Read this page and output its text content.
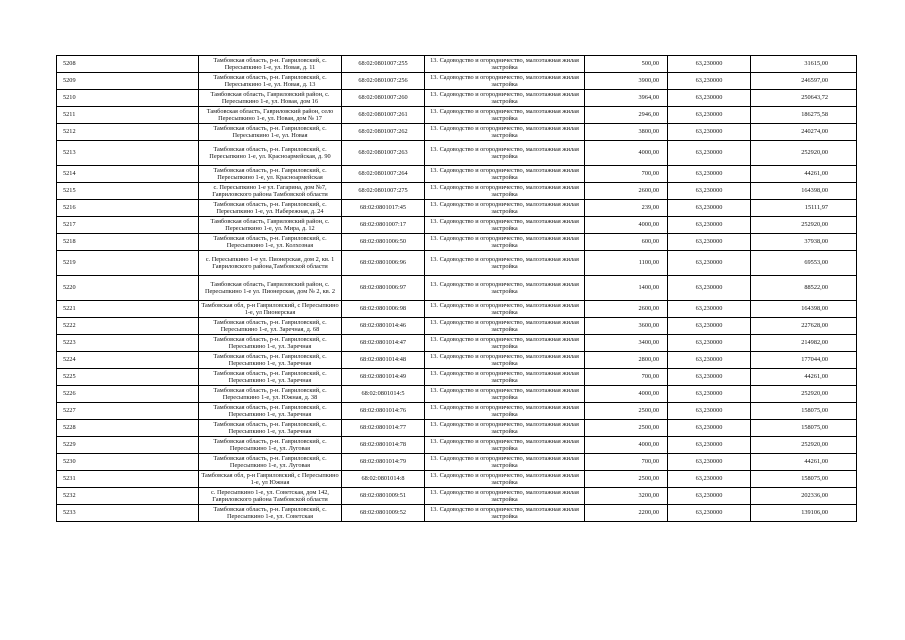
5208	Тамбовская область, р-н. Гавриловский, с. Пересыпкино 1-е, ул. Новая, д. 11	68:02:0801007:255	13. Садоводство и огородничество, малоэтажная жилая застройка	500,00	63,230000	31615,00
5209	Тамбовская область, р-н. Гавриловский, с. Пересыпкино 1-е, ул. Новая, д. 13	68:02:0801007:256	13. Садоводство и огородничество, малоэтажная жилая застройка	3900,00	63,230000	246597,00
5210	Тамбовская область, Гавриловский район, с. Пересыпкино 1-е, ул. Новая, дом 16	68:02:0801007:260	13. Садоводство и огородничество, малоэтажная жилая застройка	3964,00	63,230000	250643,72
5211	Тамбовская область, Гавриловский район, село Пересыпкино 1-е, ул. Новая, дом № 17	68:02:0801007:261	13. Садоводство и огородничество, малоэтажная жилая застройка	2946,00	63,230000	186275,58
5212	Тамбовская область, р-н. Гавриловский, с. Пересыпкино 1-е, ул. Новая	68:02:0801007:262	13. Садоводство и огородничество, малоэтажная жилая застройка	3800,00	63,230000	240274,00
5213	Тамбовская область, р-н. Гавриловский, с. Пересыпкино 1-е, ул. Красноармейская, д. 90	68:02:0801007:263	13. Садоводство и огородничество, малоэтажная жилая застройка	4000,00	63,230000	252920,00
5214	Тамбовская область, р-н. Гавриловский, с. Пересыпкино 1-е, ул. Красноармейская	68:02:0801007:264	13. Садоводство и огородничество, малоэтажная жилая застройка	700,00	63,230000	44261,00
5215	с. Пересыпкино 1-е ул. Гагарина, дом №7, Гавриловского района Тамбовской области	68:02:0801007:275	13. Садоводство и огородничество, малоэтажная жилая застройка	2600,00	63,230000	164398,00
5216	Тамбовская область, р-н. Гавриловский, с. Пересыпкино 1-е, ул. Набережная, д. 24	68:02:0801017:45	13. Садоводство и огородничество, малоэтажная жилая застройка	239,00	63,230000	15111,97
5217	Тамбовская область, Гавриловский район, с. Пересыпкино 1-е, ул. Мира, д. 12	68:02:0801007:17	13. Садоводство и огородничество, малоэтажная жилая застройка	4000,00	63,230000	252920,00
5218	Тамбовская область, р-н. Гавриловский, с. Пересыпкино 1-е, ул. Колхозная	68:02:0801006:50	13. Садоводство и огородничество, малоэтажная жилая застройка	600,00	63,230000	37938,00
5219	с. Пересыпкино 1-е ул. Пионерская, дом 2, кв. 1 Гавриловского района,Тамбовской области	68:02:0801006:96	13. Садоводство и огородничество, малоэтажная жилая застройка	1100,00	63,230000	69553,00
5220	Тамбовская область, Гавриловский район, с. Пересыпкино 1-е ул. Пионерская, дом № 2, кв. 2	68:02:0801006:97	13. Садоводство и огородничество, малоэтажная жилая застройка	1400,00	63,230000	88522,00
5221	Тамбовская обл, р-н Гавриловский, с Пересыпкино 1-е, ул Пионерская	68:02:0801006:98	13. Садоводство и огородничество, малоэтажная жилая застройка	2600,00	63,230000	164398,00
5222	Тамбовская область, р-н. Гавриловский, с. Пересыпкино 1-е, ул. Заречная, д. 68	68:02:0801014:46	13. Садоводство и огородничество, малоэтажная жилая застройка	3600,00	63,230000	227628,00
5223	Тамбовская область, р-н. Гавриловский, с. Пересыпкино 1-е, ул. Заречная	68:02:0801014:47	13. Садоводство и огородничество, малоэтажная жилая застройка	3400,00	63,230000	214982,00
5224	Тамбовская область, р-н. Гавриловский, с. Пересыпкино 1-е, ул. Заречная	68:02:0801014:48	13. Садоводство и огородничество, малоэтажная жилая застройка	2800,00	63,230000	177044,00
5225	Тамбовская область, р-н. Гавриловский, с. Пересыпкино 1-е, ул. Заречная	68:02:0801014:49	13. Садоводство и огородничество, малоэтажная жилая застройка	700,00	63,230000	44261,00
5226	Тамбовская область, р-н. Гавриловский, с. Пересыпкино 1-е, ул. Южная, д. 38	68:02:0801014:5	13. Садоводство и огородничество, малоэтажная жилая застройка	4000,00	63,230000	252920,00
5227	Тамбовская область, р-н. Гавриловский, с. Пересыпкино 1-е, ул. Заречная	68:02:0801014:76	13. Садоводство и огородничество, малоэтажная жилая застройка	2500,00	63,230000	158075,00
5228	Тамбовская область, р-н. Гавриловский, с. Пересыпкино 1-е, ул. Заречная	68:02:0801014:77	13. Садоводство и огородничество, малоэтажная жилая застройка	2500,00	63,230000	158075,00
5229	Тамбовская область, р-н. Гавриловский, с. Пересыпкино 1-е, ул. Луговая	68:02:0801014:78	13. Садоводство и огородничество, малоэтажная жилая застройка	4000,00	63,230000	252920,00
5230	Тамбовская область, р-н. Гавриловский, с. Пересыпкино 1-е, ул. Луговая	68:02:0801014:79	13. Садоводство и огородничество, малоэтажная жилая застройка	700,00	63,230000	44261,00
5231	Тамбовская обл, р-н Гавриловский, с Пересыпкино 1-е, ул Южная	68:02:0801014:8	13. Садоводство и огородничество, малоэтажная жилая застройка	2500,00	63,230000	158075,00
5232	с. Пересыпкино 1-е, ул. Советская, дом 142, Гавриловского района Тамбовской области	68:02:0801009:51	13. Садоводство и огородничество, малоэтажная жилая застройка	3200,00	63,230000	202336,00
5233	Тамбовская область, р-н. Гавриловский, с. Пересыпкино 1-е, ул. Советская	68:02:0801009:52	13. Садоводство и огородничество, малоэтажная жилая застройка	2200,00	63,230000	139106,00
